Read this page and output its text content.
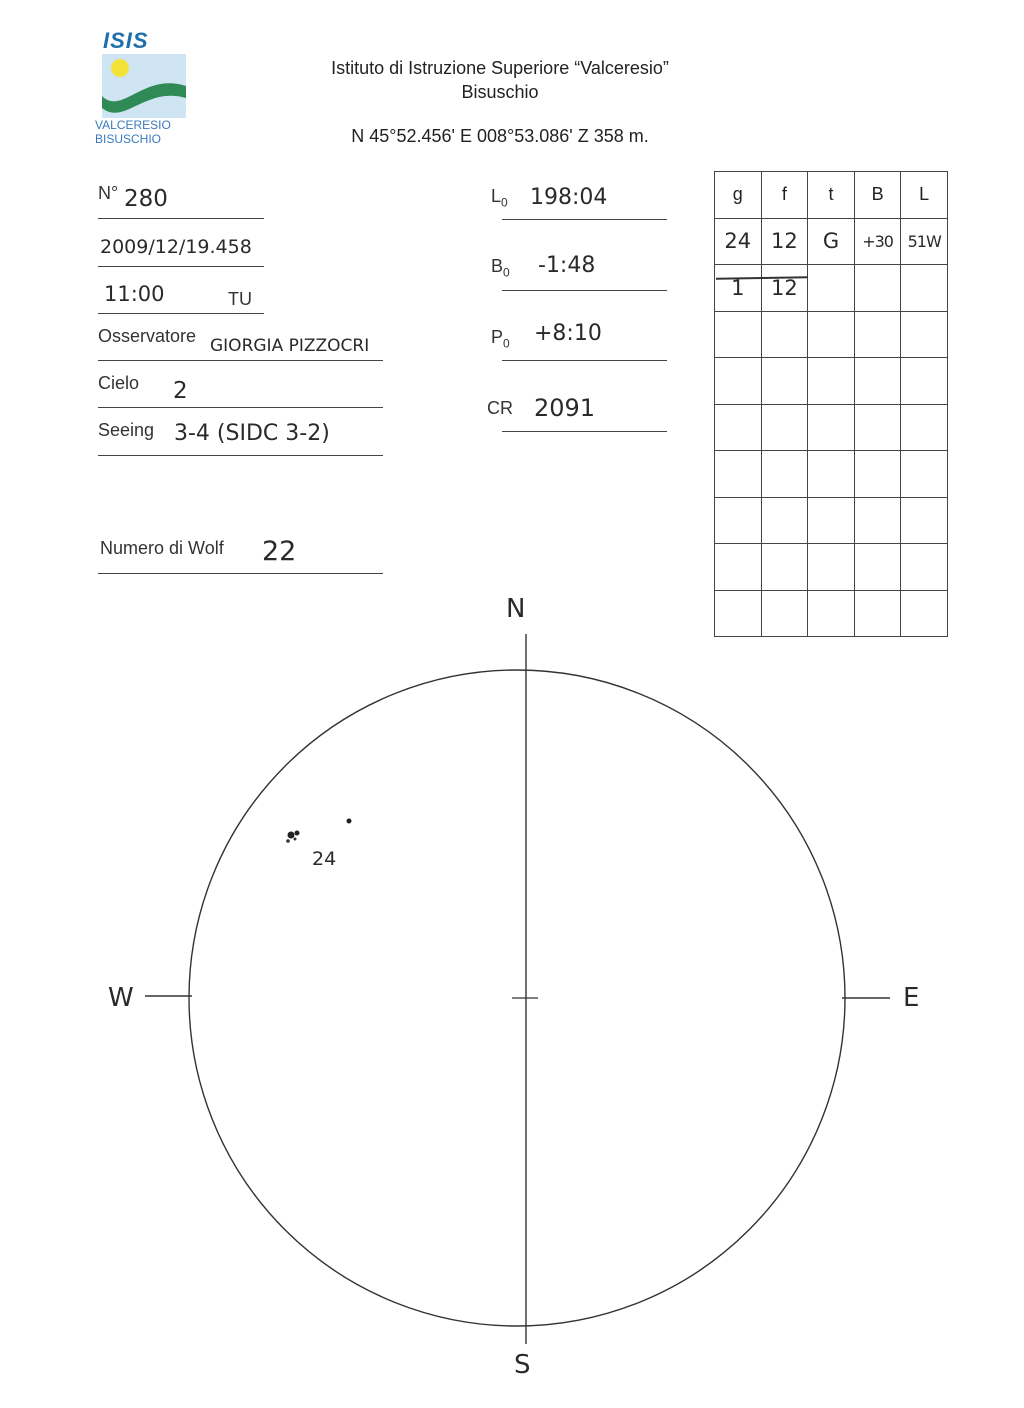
ISIS
VALCERESIO
BISUSCHIO
Istituto di Istruzione Superiore “Valceresio”
Bisuschio
N 45°52.456' E 008°53.086' Z 358 m.
N° 280
2009/12/19.458
11:00	TU
Osservatore GIORGIA PIZZOCRI
Cielo 2
Seeing 3-4 (SIDC 3-2)
Numero di Wolf 22
$L_0$ 198:04
$B_0$ -1:48
$P_0$ +8:10
CR 2091
g	f	t	B	L
24	12	G	+30	51W
1	12			

N
S
W	E
24
